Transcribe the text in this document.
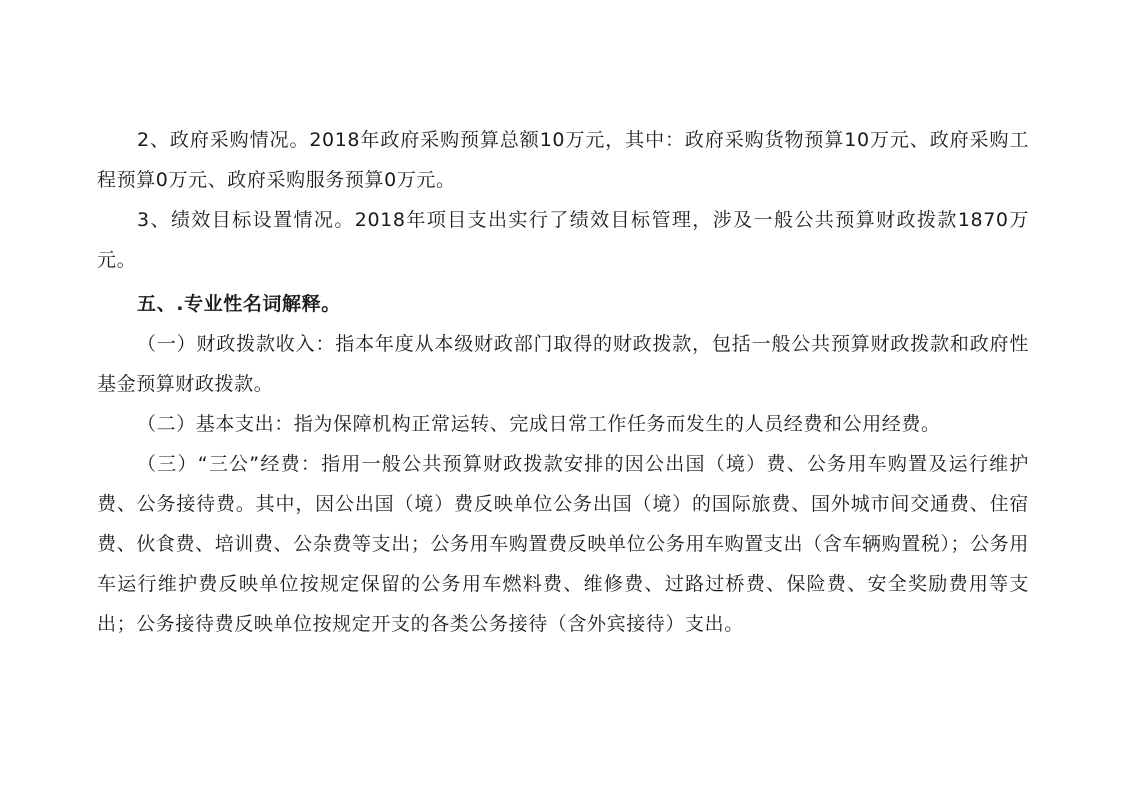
2、政府采购情况。2018年政府采购预算总额10万元，其中：政府采购货物预算10万元、政府采购工程预算0万元、政府采购服务预算0万元。

3、绩效目标设置情况。2018年项目支出实行了绩效目标管理，涉及一般公共预算财政拨款1870万元。

五、.专业性名词解释。

（一）财政拨款收入：指本年度从本级财政部门取得的财政拨款，包括一般公共预算财政拨款和政府性基金预算财政拨款。

（二）基本支出：指为保障机构正常运转、完成日常工作任务而发生的人员经费和公用经费。

（三）“三公”经费：指用一般公共预算财政拨款安排的因公出国（境）费、公务用车购置及运行维护费、公务接待费。其中，因公出国（境）费反映单位公务出国（境）的国际旅费、国外城市间交通费、住宿费、伙食费、培训费、公杂费等支出；公务用车购置费反映单位公务用车购置支出（含车辆购置税）；公务用车运行维护费反映单位按规定保留的公务用车燃料费、维修费、过路过桥费、保险费、安全奖励费用等支出；公务接待费反映单位按规定开支的各类公务接待（含外宾接待）支出。
